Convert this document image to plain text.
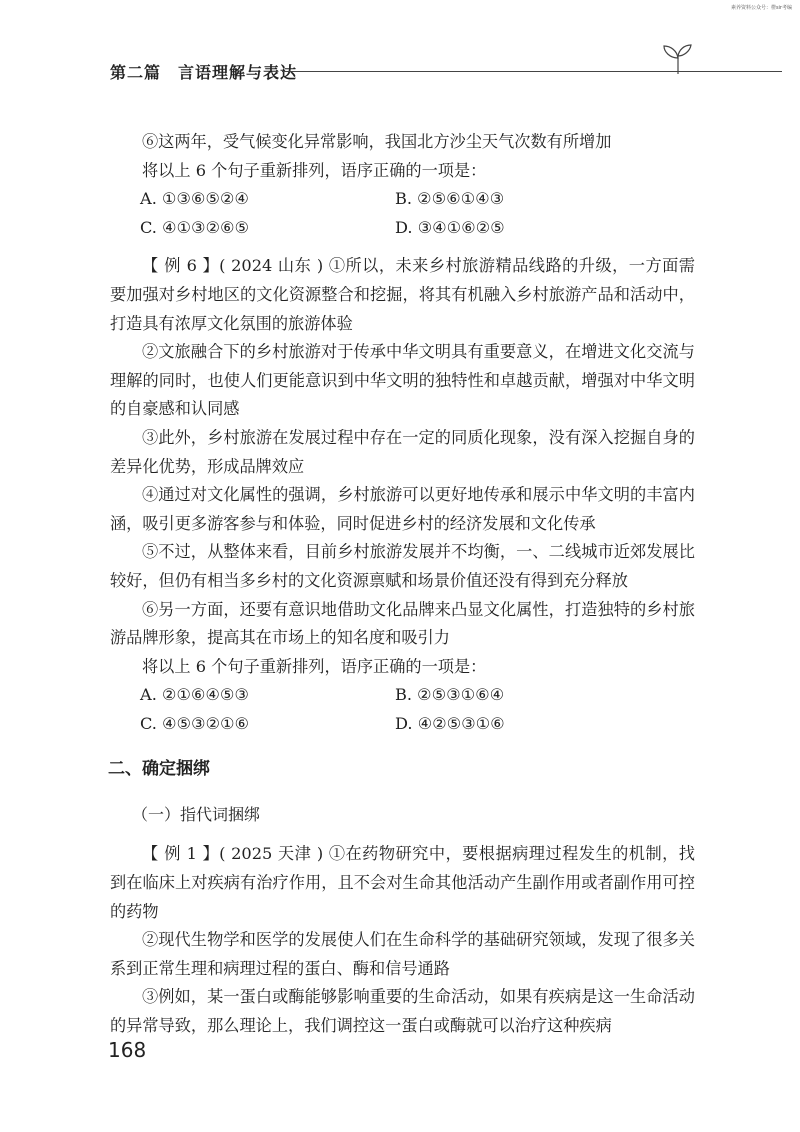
素养资料公众号：橙sir考编
第二篇　言语理解与表达

⑥这两年，受气候变化异常影响，我国北方沙尘天气次数有所增加

将以上 6 个句子重新排列，语序正确的一项是：

A. ①③⑥⑤②④	B. ②⑤⑥①④③
C. ④①③②⑥⑤	D. ③④①⑥②⑤

【 例 6 】( 2024 山东 ) ①所以，未来乡村旅游精品线路的升级，一方面需要加强对乡村地区的文化资源整合和挖掘，将其有机融入乡村旅游产品和活动中，打造具有浓厚文化氛围的旅游体验

②文旅融合下的乡村旅游对于传承中华文明具有重要意义，在增进文化交流与理解的同时，也使人们更能意识到中华文明的独特性和卓越贡献，增强对中华文明的自豪感和认同感

③此外，乡村旅游在发展过程中存在一定的同质化现象，没有深入挖掘自身的差异化优势，形成品牌效应

④通过对文化属性的强调，乡村旅游可以更好地传承和展示中华文明的丰富内涵，吸引更多游客参与和体验，同时促进乡村的经济发展和文化传承

⑤不过，从整体来看，目前乡村旅游发展并不均衡，一、二线城市近郊发展比较好，但仍有相当多乡村的文化资源禀赋和场景价值还没有得到充分释放

⑥另一方面，还要有意识地借助文化品牌来凸显文化属性，打造独特的乡村旅游品牌形象，提高其在市场上的知名度和吸引力

将以上 6 个句子重新排列，语序正确的一项是：

A. ②①⑥④⑤③	B. ②⑤③①⑥④
C. ④⑤③②①⑥	D. ④②⑤③①⑥

二、确定捆绑

（一）指代词捆绑

【 例 1 】( 2025 天津 ) ①在药物研究中，要根据病理过程发生的机制，找到在临床上对疾病有治疗作用，且不会对生命其他活动产生副作用或者副作用可控的药物

②现代生物学和医学的发展使人们在生命科学的基础研究领域，发现了很多关系到正常生理和病理过程的蛋白、酶和信号通路

③例如，某一蛋白或酶能够影响重要的生命活动，如果有疾病是这一生命活动的异常导致，那么理论上，我们调控这一蛋白或酶就可以治疗这种疾病

168
